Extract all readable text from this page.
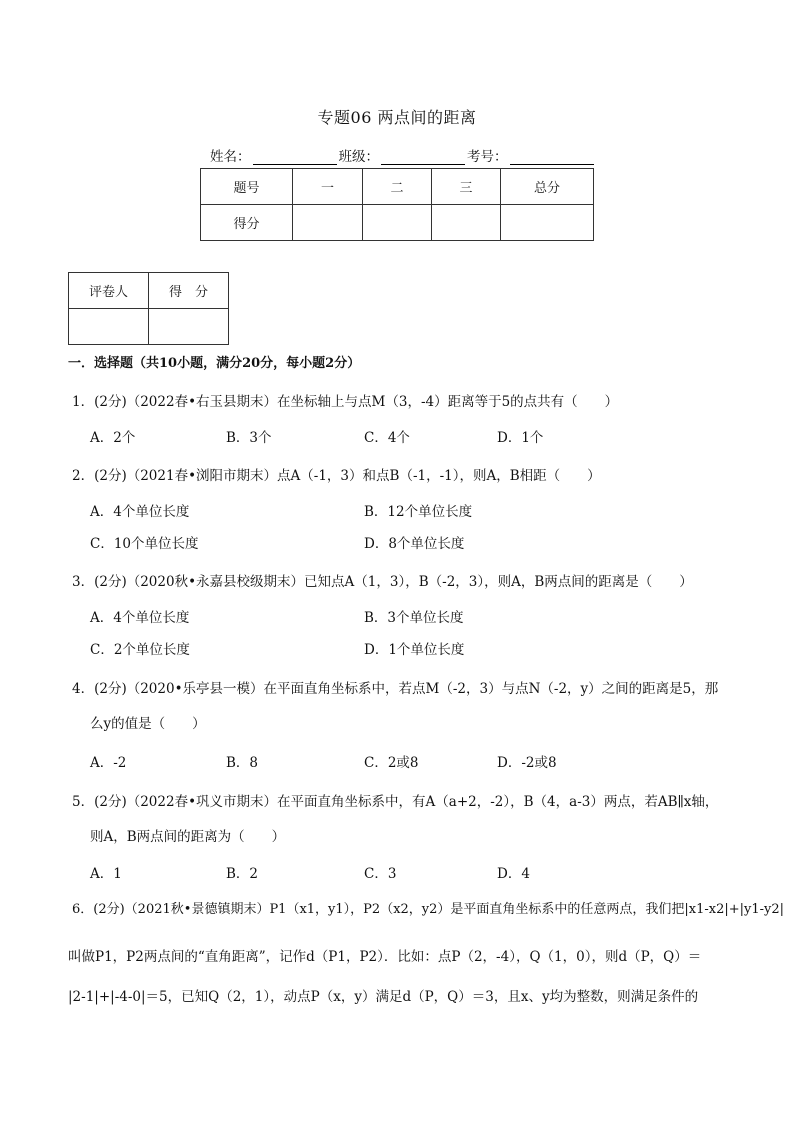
专题06 两点间的距离
姓名：	班级：	考号：
题号	一	二	三	总分
得分				
评卷人	得　分

一．选择题（共10小题，满分20分，每小题2分）
1．(2分)（2022春•右玉县期末）在坐标轴上与点M（3，-4）距离等于5的点共有（　　）
A．2个	B．3个	C．4个	D．1个
2．(2分)（2021春•浏阳市期末）点A（-1，3）和点B（-1，-1），则A，B相距（　　）
A．4个单位长度	B．12个单位长度
C．10个单位长度	D．8个单位长度
3．(2分)（2020秋•永嘉县校级期末）已知点A（1，3），B（-2，3），则A，B两点间的距离是（　　）
A．4个单位长度	B．3个单位长度
C．2个单位长度	D．1个单位长度
4．(2分)（2020•乐亭县一模）在平面直角坐标系中，若点M（-2，3）与点N（-2，y）之间的距离是5，那
么y的值是（　　）
A．-2	B．8	C．2或8	D．-2或8
5．(2分)（2022春•巩义市期末）在平面直角坐标系中，有A（a+2，-2），B（4，a-3）两点，若AB∥x轴，
则A，B两点间的距离为（　　）
A．1	B．2	C．3	D．4
6．(2分)（2021秋•景德镇期末）P1（x1，y1），P2（x2，y2）是平面直角坐标系中的任意两点，我们把|x1-x2|+|y1-y2|
叫做P1，P2两点间的“直角距离”，记作d（P1，P2）．比如：点P（2，-4），Q（1，0），则d（P，Q）＝
|2-1|+|-4-0|＝5，已知Q（2，1），动点P（x，y）满足d（P，Q）＝3，且x、y均为整数，则满足条件的
